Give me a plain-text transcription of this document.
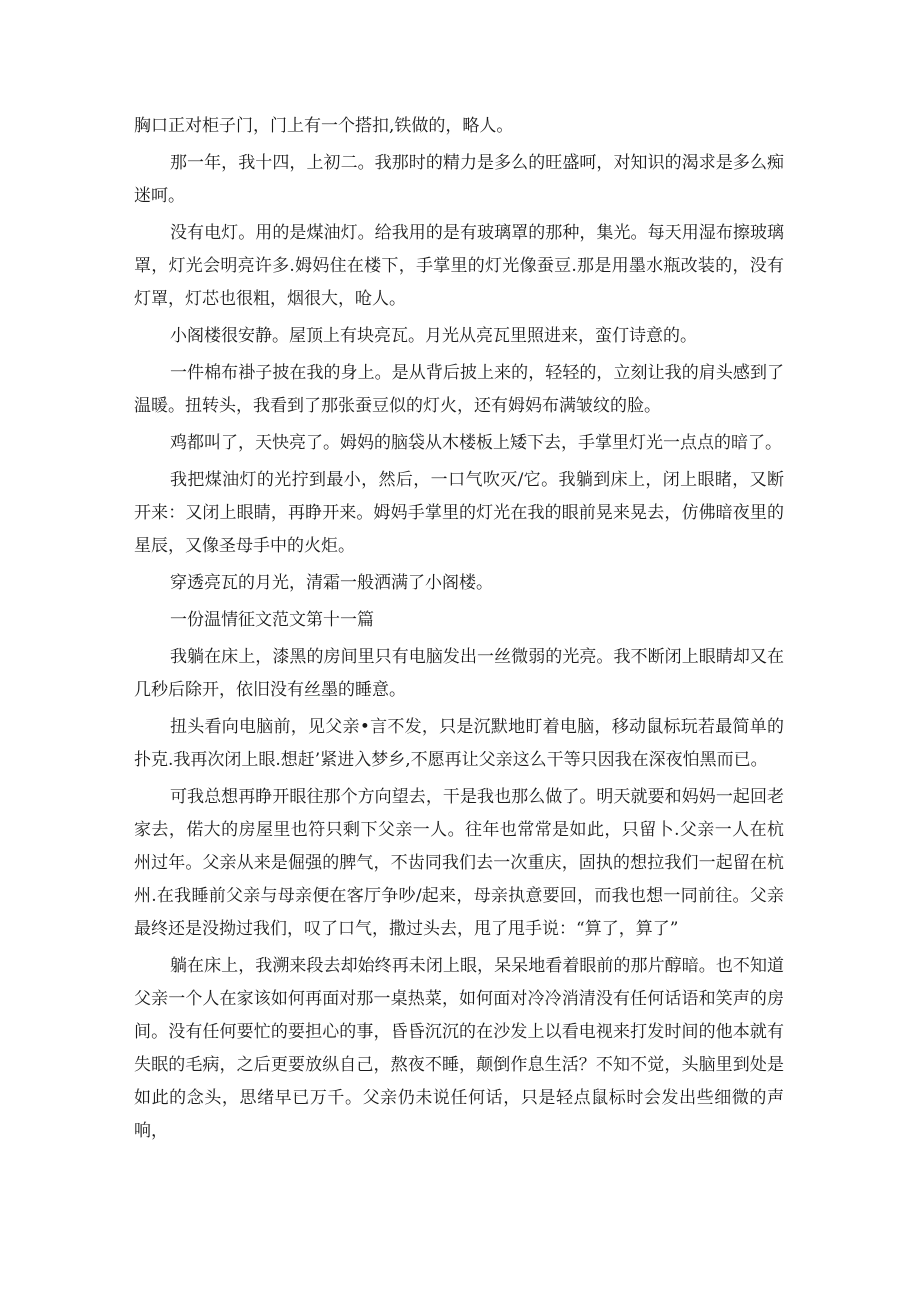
胸口正对柜子门，门上有一个搭扣,铁做的，略人。

那一年，我十四，上初二。我那时的精力是多么的旺盛呵，对知识的渴求是多么痴迷呵。

没有电灯。用的是煤油灯。给我用的是有玻璃罩的那种，集光。每天用湿布擦玻璃罩，灯光会明亮许多.姆妈住在楼下，手掌里的灯光像蚕豆.那是用墨水瓶改装的，没有灯罩，灯芯也很粗，烟很大，呛人。

小阁楼很安静。屋顶上有块亮瓦。月光从亮瓦里照进来，蛮仃诗意的。

一件棉布褂子披在我的身上。是从背后披上来的，轻轻的，立刻让我的肩头感到了温暖。扭转头，我看到了那张蚕豆似的灯火，还有姆妈布满皱纹的脸。

鸡都叫了，天快亮了。姆妈的脑袋从木楼板上矮下去，手掌里灯光一点点的暗了。

我把煤油灯的光拧到最小，然后，一口气吹灭/它。我躺到床上，闭上眼睹，又断开来：又闭上眼睛，再睁开来。姆妈手掌里的灯光在我的眼前晃来晃去，仿佛暗夜里的星辰，又像圣母手中的火炬。

穿透亮瓦的月光，清霜一般洒满了小阁楼。

一份温情征文范文第十一篇

我躺在床上，漆黑的房间里只有电脑发出一丝微弱的光亮。我不断闭上眼睛却又在几秒后除开，依旧没有丝墨的睡意。

扭头看向电脑前，见父亲•言不发，只是沉默地盯着电脑，移动鼠标玩若最简单的扑克.我再次闭上眼.想赶’紧进入梦乡,不愿再让父亲这么干等只因我在深夜怕黑而已。

可我总想再睁开眼往那个方向望去，干是我也那么做了。明天就要和妈妈一起回老家去，偌大的房屋里也符只剩下父亲一人。往年也常常是如此，只留卜.父亲一人在杭州过年。父亲从来是倔强的脾气，不齿同我们去一次重庆，固执的想拉我们一起留在杭州.在我睡前父亲与母亲便在客厅争吵/起来，母亲执意要回，而我也想一同前往。父亲最终还是没拗过我们，叹了口气，撒过头去，甩了甩手说：“算了，算了”

躺在床上，我溯来段去却始终再未闭上眼，呆呆地看着眼前的那片醇暗。也不知道父亲一个人在家该如何再面对那一桌热菜，如何面对冷冷消清没有任何话语和笑声的房间。没有任何要忙的要担心的事，昏昏沉沉的在沙发上以看电视来打发时间的他本就有失眠的毛病，之后更要放纵自己，熬夜不睡，颠倒作息生活？不知不觉，头脑里到处是如此的念头，思绪早已万千。父亲仍未说任何话，只是轻点鼠标时会发出些细微的声响，
